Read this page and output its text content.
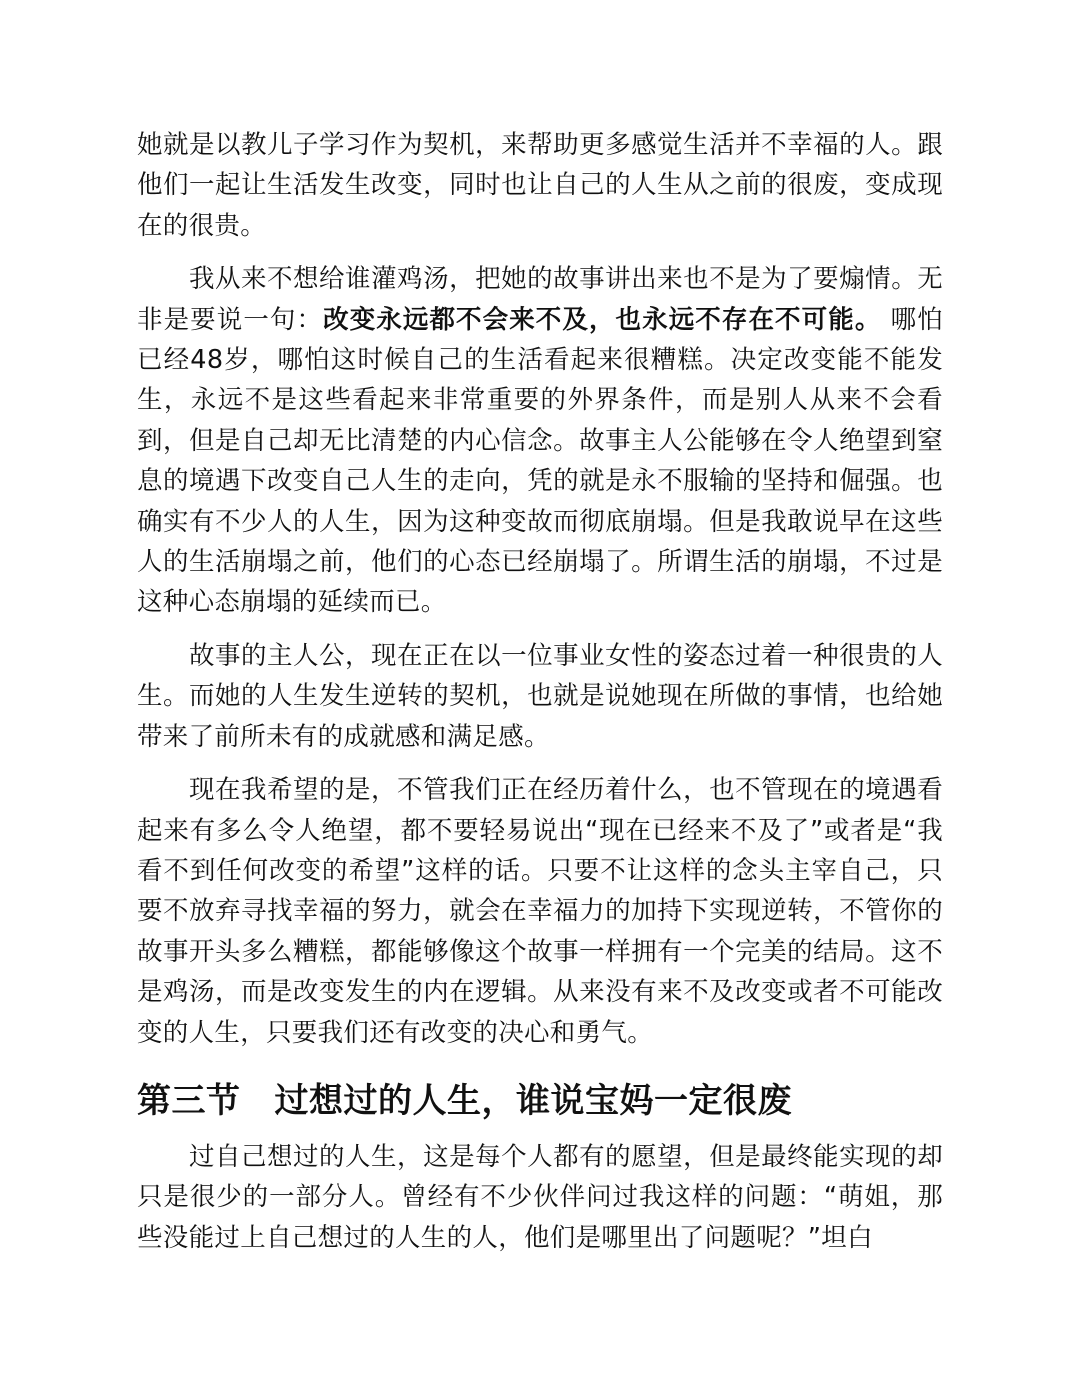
她就是以教儿子学习作为契机，来帮助更多感觉生活并不幸福的人。跟他们一起让生活发生改变，同时也让自己的人生从之前的很废，变成现在的很贵。

我从来不想给谁灌鸡汤，把她的故事讲出来也不是为了要煽情。无非是要说一句：改变永远都不会来不及，也永远不存在不可能。 哪怕已经48岁，哪怕这时候自己的生活看起来很糟糕。决定改变能不能发生，永远不是这些看起来非常重要的外界条件，而是别人从来不会看到，但是自己却无比清楚的内心信念。故事主人公能够在令人绝望到窒息的境遇下改变自己人生的走向，凭的就是永不服输的坚持和倔强。也确实有不少人的人生，因为这种变故而彻底崩塌。但是我敢说早在这些人的生活崩塌之前，他们的心态已经崩塌了。所谓生活的崩塌，不过是这种心态崩塌的延续而已。

故事的主人公，现在正在以一位事业女性的姿态过着一种很贵的人生。而她的人生发生逆转的契机，也就是说她现在所做的事情，也给她带来了前所未有的成就感和满足感。

现在我希望的是，不管我们正在经历着什么，也不管现在的境遇看起来有多么令人绝望，都不要轻易说出“现在已经来不及了”或者是“我看不到任何改变的希望”这样的话。只要不让这样的念头主宰自己，只要不放弃寻找幸福的努力，就会在幸福力的加持下实现逆转，不管你的故事开头多么糟糕，都能够像这个故事一样拥有一个完美的结局。这不是鸡汤，而是改变发生的内在逻辑。从来没有来不及改变或者不可能改变的人生，只要我们还有改变的决心和勇气。

第三节 过想过的人生，谁说宝妈一定很废

过自己想过的人生，这是每个人都有的愿望，但是最终能实现的却只是很少的一部分人。曾经有不少伙伴问过我这样的问题：“萌姐，那些没能过上自己想过的人生的人，他们是哪里出了问题呢？”坦白
